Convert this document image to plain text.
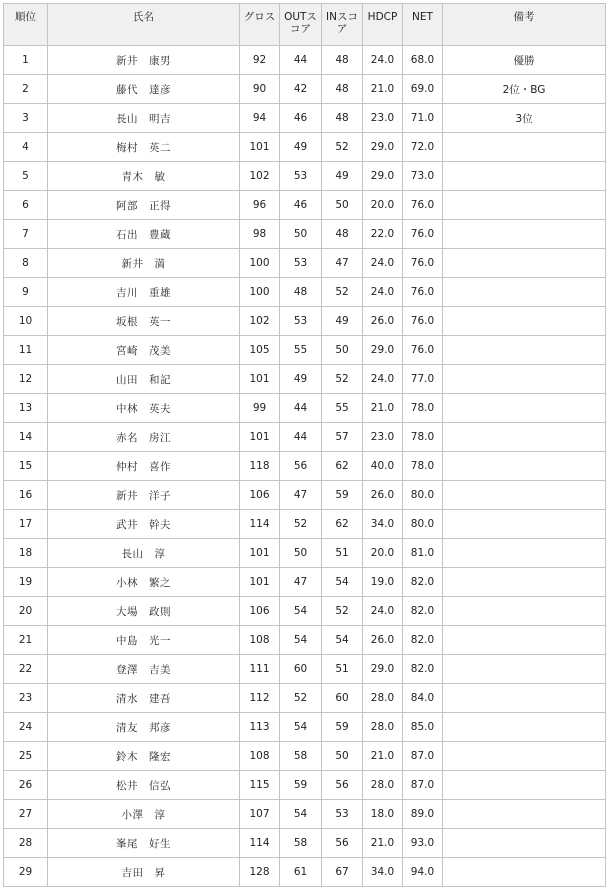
順位	氏名	グロス	OUTスコア	INスコア	HDCP	NET	備考
1	新井　康男	92	44	48	24.0	68.0	優勝
2	藤代　達彦	90	42	48	21.0	69.0	2位・BG
3	長山　明吉	94	46	48	23.0	71.0	3位
4	梅村　英二	101	49	52	29.0	72.0	
5	青木　敏	102	53	49	29.0	73.0	
6	阿部　正得	96	46	50	20.0	76.0	
7	石出　豊蔵	98	50	48	22.0	76.0	
8	新井　満	100	53	47	24.0	76.0	
9	吉川　重雄	100	48	52	24.0	76.0	
10	坂根　英一	102	53	49	26.0	76.0	
11	宮崎　茂美	105	55	50	29.0	76.0	
12	山田　和記	101	49	52	24.0	77.0	
13	中林　英夫	99	44	55	21.0	78.0	
14	赤名　房江	101	44	57	23.0	78.0	
15	仲村　喜作	118	56	62	40.0	78.0	
16	新井　洋子	106	47	59	26.0	80.0	
17	武井　幹夫	114	52	62	34.0	80.0	
18	長山　淳	101	50	51	20.0	81.0	
19	小林　繁之	101	47	54	19.0	82.0	
20	大場　政則	106	54	52	24.0	82.0	
21	中島　光一	108	54	54	26.0	82.0	
22	登澤　吉美	111	60	51	29.0	82.0	
23	清水　建吾	112	52	60	28.0	84.0	
24	清友　邦彦	113	54	59	28.0	85.0	
25	鈴木　隆宏	108	58	50	21.0	87.0	
26	松井　信弘	115	59	56	28.0	87.0	
27	小澤　淳	107	54	53	18.0	89.0	
28	峯尾　好生	114	58	56	21.0	93.0	
29	吉田　昇	128	61	67	34.0	94.0	
